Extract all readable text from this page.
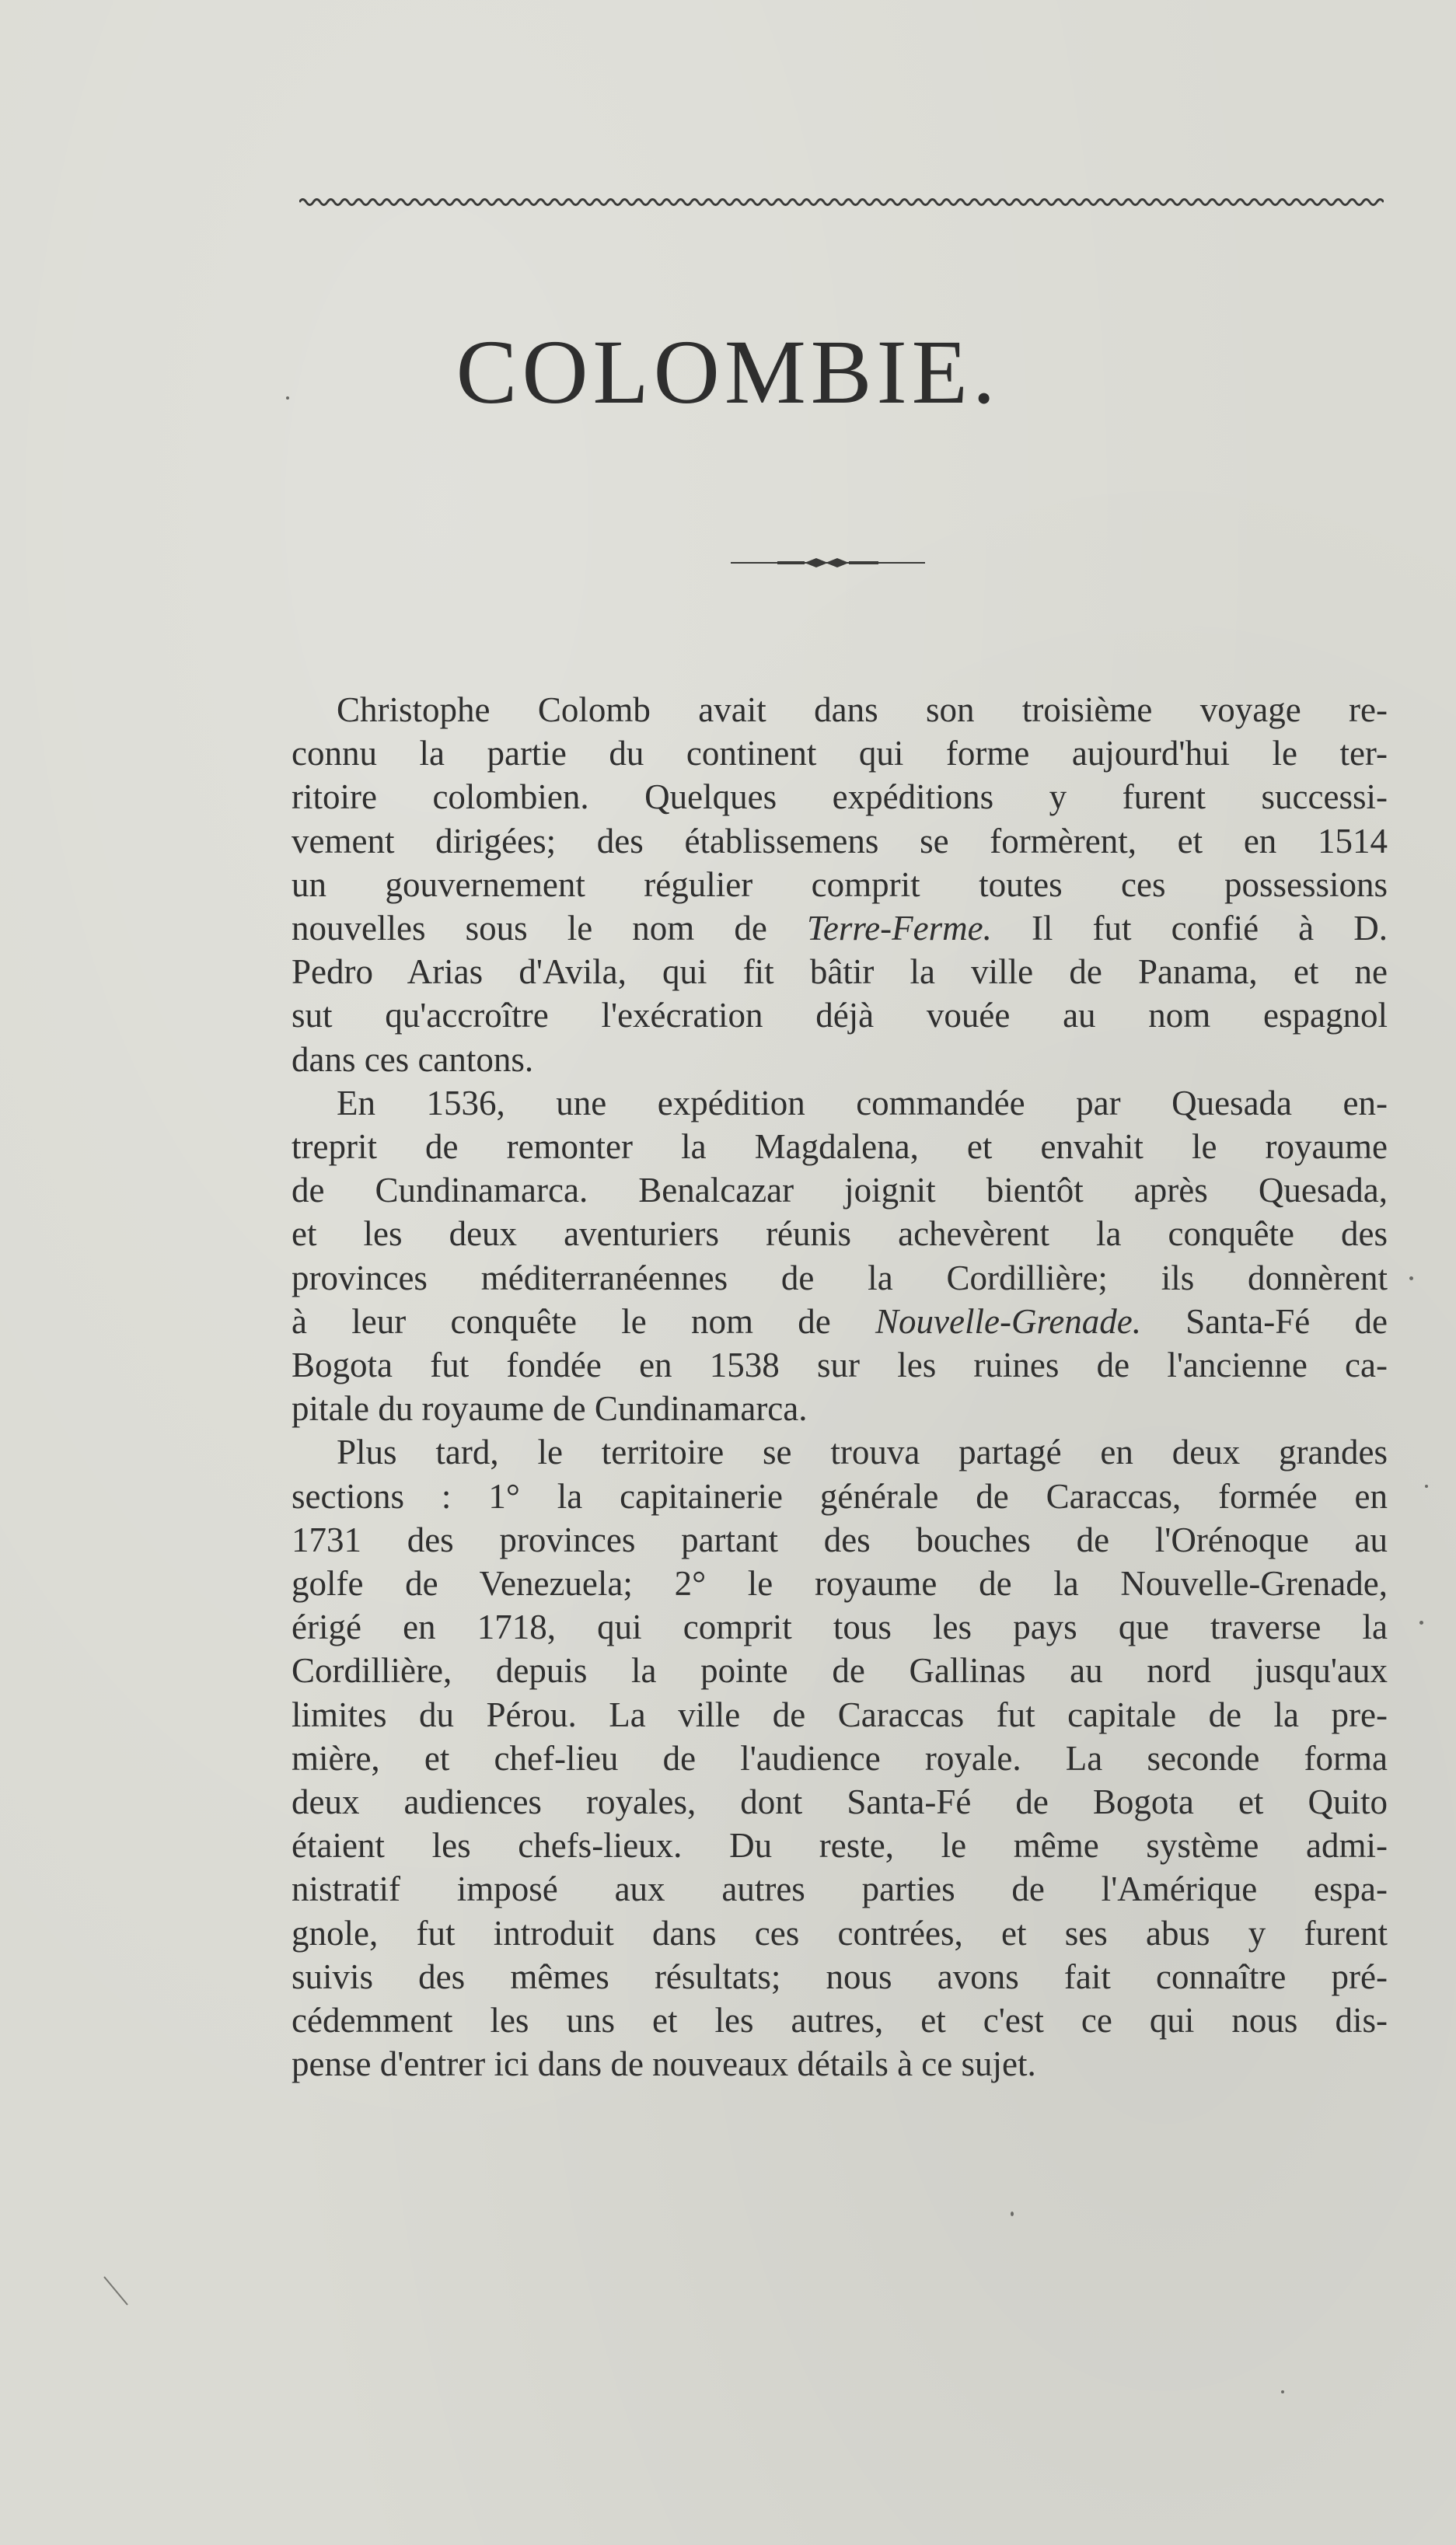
COLOMBIE.

Christophe Colomb avait dans son troisième voyage re-
connu la partie du continent qui forme aujourd'hui le ter-
ritoire colombien. Quelques expéditions y furent successi-
vement dirigées; des établissemens se formèrent, et en 1514
un gouvernement régulier comprit toutes ces possessions
nouvelles sous le nom de Terre-Ferme. Il fut confié à D.
Pedro Arias d'Avila, qui fit bâtir la ville de Panama, et ne
sut qu'accroître l'exécration déjà vouée au nom espagnol
dans ces cantons.

En 1536, une expédition commandée par Quesada en-
treprit de remonter la Magdalena, et envahit le royaume
de Cundinamarca. Benalcazar joignit bientôt après Quesada,
et les deux aventuriers réunis achevèrent la conquête des
provinces méditerranéennes de la Cordillière; ils donnèrent
à leur conquête le nom de Nouvelle-Grenade. Santa-Fé de
Bogota fut fondée en 1538 sur les ruines de l'ancienne ca-
pitale du royaume de Cundinamarca.

Plus tard, le territoire se trouva partagé en deux grandes
sections : 1° la capitainerie générale de Caraccas, formée en
1731 des provinces partant des bouches de l'Orénoque au
golfe de Venezuela; 2° le royaume de la Nouvelle-Grenade,
érigé en 1718, qui comprit tous les pays que traverse la
Cordillière, depuis la pointe de Gallinas au nord jusqu'aux
limites du Pérou. La ville de Caraccas fut capitale de la pre-
mière, et chef-lieu de l'audience royale. La seconde forma
deux audiences royales, dont Santa-Fé de Bogota et Quito
étaient les chefs-lieux. Du reste, le même système admi-
nistratif imposé aux autres parties de l'Amérique espa-
gnole, fut introduit dans ces contrées, et ses abus y furent
suivis des mêmes résultats; nous avons fait connaître pré-
cédemment les uns et les autres, et c'est ce qui nous dis-
pense d'entrer ici dans de nouveaux détails à ce sujet.
